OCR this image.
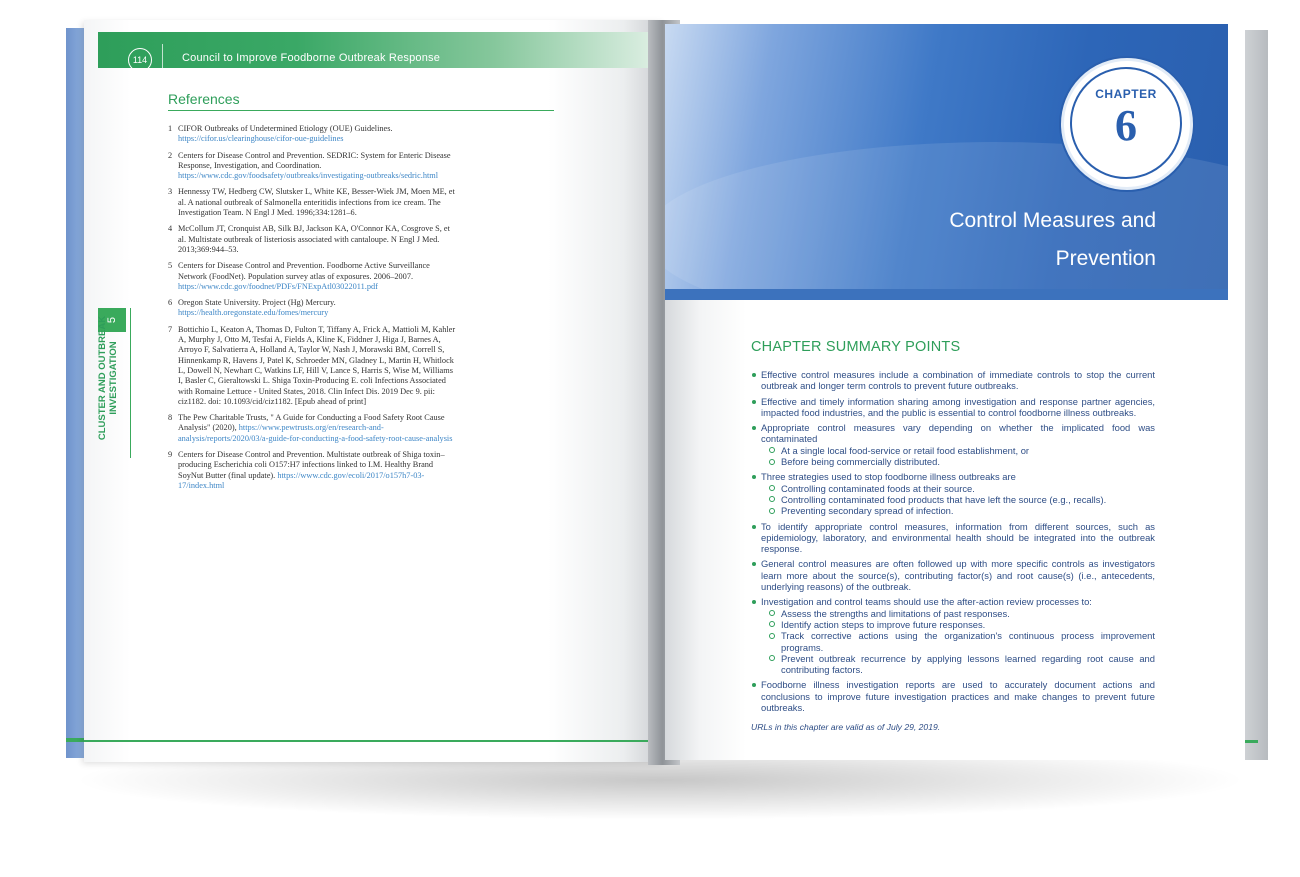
114	Council to Improve Foodborne Outbreak Response
5
CLUSTER AND OUTBREAK INVESTIGATION
References
1 CIFOR Outbreaks of Undetermined Etiology (OUE) Guidelines. https://cifor.us/clearinghouse/cifor-oue-guidelines
2 Centers for Disease Control and Prevention. SEDRIC: System for Enteric Disease Response, Investigation, and Coordination. https://www.cdc.gov/foodsafety/outbreaks/investigating-outbreaks/sedric.html
3 Hennessy TW, Hedberg CW, Slutsker L, White KE, Besser-Wiek JM, Moen ME, et al. A national outbreak of Salmonella enteritidis infections from ice cream. The Investigation Team. N Engl J Med. 1996;334:1281–6.
4 McCollum JT, Cronquist AB, Silk BJ, Jackson KA, O'Connor KA, Cosgrove S, et al. Multistate outbreak of listeriosis associated with cantaloupe. N Engl J Med. 2013;369:944–53.
5 Centers for Disease Control and Prevention. Foodborne Active Surveillance Network (FoodNet). Population survey atlas of exposures. 2006–2007. https://www.cdc.gov/foodnet/PDFs/FNExpAtl03022011.pdf
6 Oregon State University. Project (Hg) Mercury. https://health.oregonstate.edu/fomes/mercury
7 Bottichio L, Keaton A, Thomas D, Fulton T, Tiffany A, Frick A, Mattioli M, Kahler A, Murphy J, Otto M, Tesfai A, Fields A, Kline K, Fiddner J, Higa J, Barnes A, Arroyo F, Salvatierra A, Holland A, Taylor W, Nash J, Morawski BM, Correll S, Hinnenkamp R, Havens J, Patel K, Schroeder MN, Gladney L, Martin H, Whitlock L, Dowell N, Newhart C, Watkins LF, Hill V, Lance S, Harris S, Wise M, Williams I, Basler C, Gieraltowski L. Shiga Toxin-Producing E. coli Infections Associated with Romaine Lettuce - United States, 2018. Clin Infect Dis. 2019 Dec 9. pii: ciz1182. doi: 10.1093/cid/ciz1182. [Epub ahead of print]
8 The Pew Charitable Trusts, " A Guide for Conducting a Food Safety Root Cause Analysis" (2020), https://www.pewtrusts.org/en/research-and-analysis/reports/2020/03/a-guide-for-conducting-a-food-safety-root-cause-analysis
9 Centers for Disease Control and Prevention. Multistate outbreak of Shiga toxin–producing Escherichia coli O157:H7 infections linked to I.M. Healthy Brand SoyNut Butter (final update). https://www.cdc.gov/ecoli/2017/o157h7-03-17/index.html
CHAPTER
6
Control Measures and
Prevention
CHAPTER SUMMARY POINTS
Effective control measures include a combination of immediate controls to stop the current outbreak and longer term controls to prevent future outbreaks.
Effective and timely information sharing among investigation and response partner agencies, impacted food industries, and the public is essential to control foodborne illness outbreaks.
Appropriate control measures vary depending on whether the implicated food was contaminated
At a single local food-service or retail food establishment, or
Before being commercially distributed.
Three strategies used to stop foodborne illness outbreaks are
Controlling contaminated foods at their source.
Controlling contaminated food products that have left the source (e.g., recalls).
Preventing secondary spread of infection.
To identify appropriate control measures, information from different sources, such as epidemiology, laboratory, and environmental health should be integrated into the outbreak response.
General control measures are often followed up with more specific controls as investigators learn more about the source(s), contributing factor(s) and root cause(s) (i.e., antecedents, underlying reasons) of the outbreak.
Investigation and control teams should use the after-action review processes to:
Assess the strengths and limitations of past responses.
Identify action steps to improve future responses.
Track corrective actions using the organization's continuous process improvement programs.
Prevent outbreak recurrence by applying lessons learned regarding root cause and contributing factors.
Foodborne illness investigation reports are used to accurately document actions and conclusions to improve future investigation practices and make changes to prevent future outbreaks.
URLs in this chapter are valid as of July 29, 2019.
